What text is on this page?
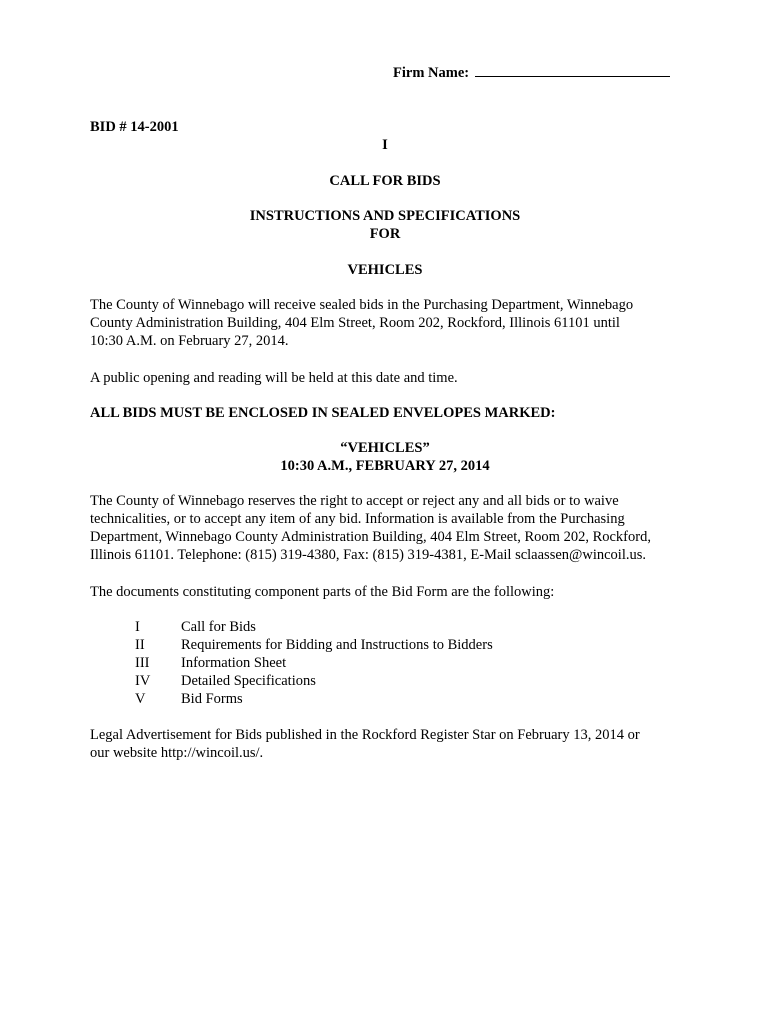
Firm Name:
BID # 14-2001
I
CALL FOR BIDS
INSTRUCTIONS AND SPECIFICATIONS
FOR
VEHICLES
The County of Winnebago will receive sealed bids in the Purchasing Department, Winnebago
County Administration Building, 404 Elm Street, Room 202, Rockford, Illinois 61101 until
10:30 A.M. on February 27, 2014.
A public opening and reading will be held at this date and time.
ALL BIDS MUST BE ENCLOSED IN SEALED ENVELOPES MARKED:
“VEHICLES”
10:30 A.M., FEBRUARY 27, 2014
The County of Winnebago reserves the right to accept or reject any and all bids or to waive
technicalities, or to accept any item of any bid. Information is available from the Purchasing
Department, Winnebago County Administration Building, 404 Elm Street, Room 202, Rockford,
Illinois 61101. Telephone: (815) 319-4380, Fax: (815) 319-4381, E-Mail sclaassen@wincoil.us.
The documents constituting component parts of the Bid Form are the following:
I	Call for Bids
II	Requirements for Bidding and Instructions to Bidders
III Information Sheet
IV Detailed Specifications
V Bid Forms
Legal Advertisement for Bids published in the Rockford Register Star on February 13, 2014 or
our website http://wincoil.us/.
